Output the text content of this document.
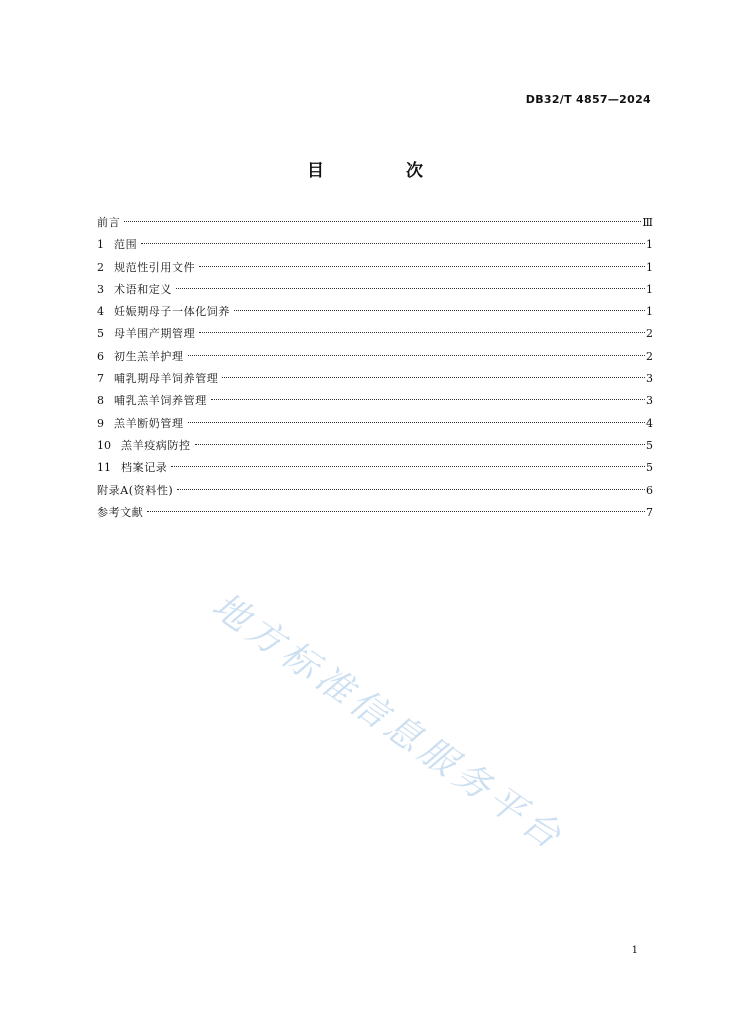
DB32/T 4857—2024
目 次
前言	Ⅲ
1 范围	1
2 规范性引用文件	1
3 术语和定义	1
4 妊娠期母子一体化饲养	1
5 母羊围产期管理	2
6 初生羔羊护理	2
7 哺乳期母羊饲养管理	3
8 哺乳羔羊饲养管理	3
9 羔羊断奶管理	4
10 羔羊疫病防控	5
11 档案记录	5
附录A(资料性)	6
参考文献	7
地方标准信息服务平台
1
